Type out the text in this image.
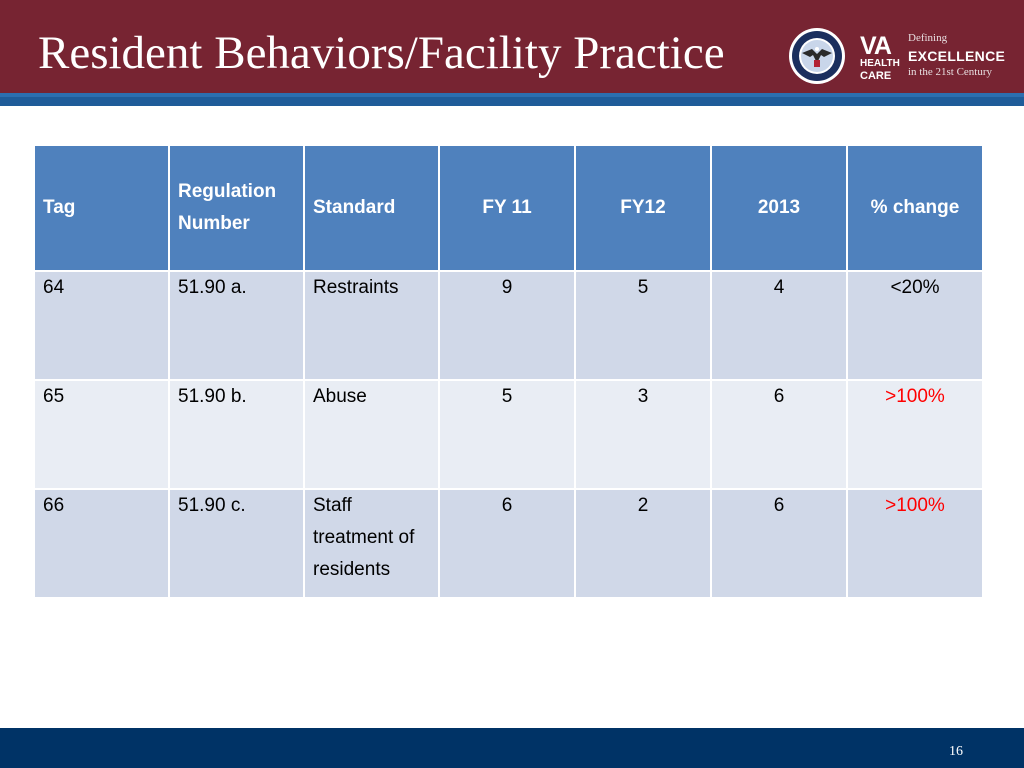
Resident Behaviors/Facility Practice	VA
HEALTH
CARE
Defining
EXCELLENCE
in the 21st Century
Tag	Regulation Number	Standard	FY 11	FY12	2013	% change
64	51.90 a.	Restraints	9	5	4	<20%
65	51.90 b.	Abuse	5	3	6	>100%
66	51.90 c.	Staff treatment of residents	6	2	6	>100%
16
